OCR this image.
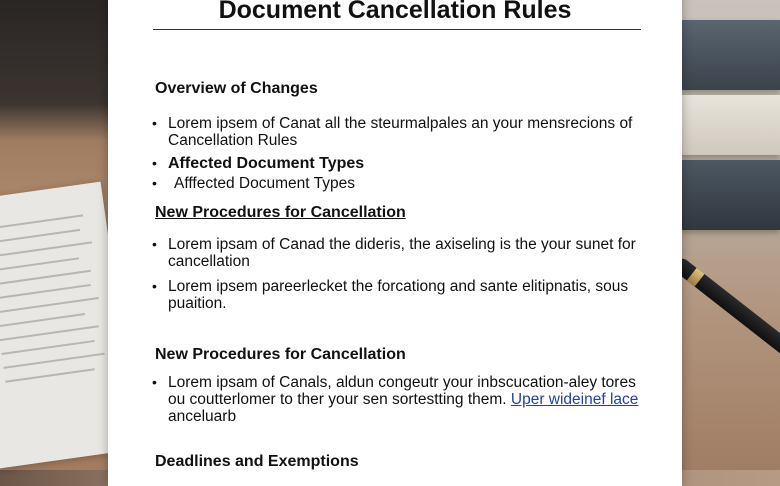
Document Cancellation Rules
Overview of Changes

• Lorem ipsem of Canat all the steurmalpales an your mensrecions of Cancellation Rules

• Affected Document Types

•	Afffected Document Types

New Procedures for Cancellation

• Lorem ipsam of Canad the dideris, the axiseling is the your sunet for cancellation

• Lorem ipsem pareerlecket the forcationg and sante elitipnatis, sous puaition.

New Procedures for Cancellation

• Lorem ipsam of Canals, aldun congeutr your inbscucation-aley tores ou coutterlomer to ther your sen sortestting them. Uper wideinef lace
anceluarb

Deadlines and Exemptions
